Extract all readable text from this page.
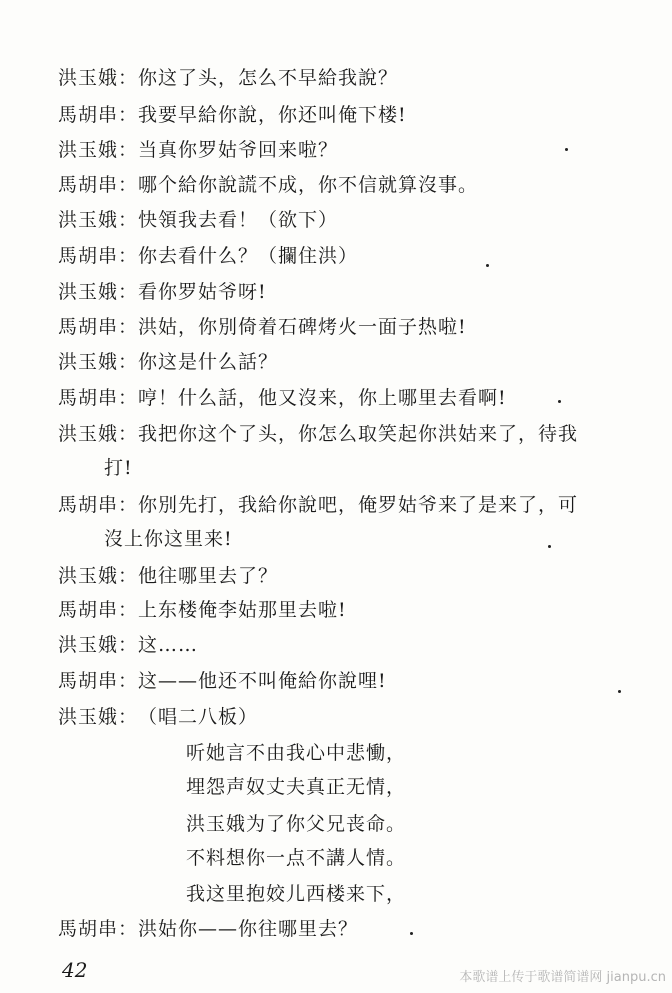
洪玉娥：你这了头，怎么不早給我說？
馬胡串：我要早給你說，你还叫俺下楼!
洪玉娥：当真你罗姑爷回来啦？
馬胡串：哪个給你說謊不成，你不信就算沒事。
洪玉娥：快領我去看！（欲下）
馬胡串：你去看什么？（攔住洪）
洪玉娥：看你罗姑爷呀!
馬胡串：洪姑，你別倚着石碑烤火一面子热啦!
洪玉娥：你这是什么話？
馬胡串：哼！什么話，他又沒来，你上哪里去看啊!
洪玉娥：我把你这个了头，你怎么取笑起你洪姑来了，待我
打!
馬胡串：你別先打，我給你說吧，俺罗姑爷来了是来了，可
沒上你这里来!
洪玉娥：他往哪里去了？
馬胡串：上东楼俺李姑那里去啦!
洪玉娥：这……
馬胡串：这——他还不叫俺給你說哩!
洪玉娥：（唱二八板）
听她言不由我心中悲慟，
埋怨声奴丈夫真正无情，
洪玉娥为了你父兄丧命。
不料想你一点不講人情。
我这里抱姣儿西楼来下，
馬胡串：洪姑你——你往哪里去？
42	本歌谱上传于歌谱简谱网 jianpu.cn
